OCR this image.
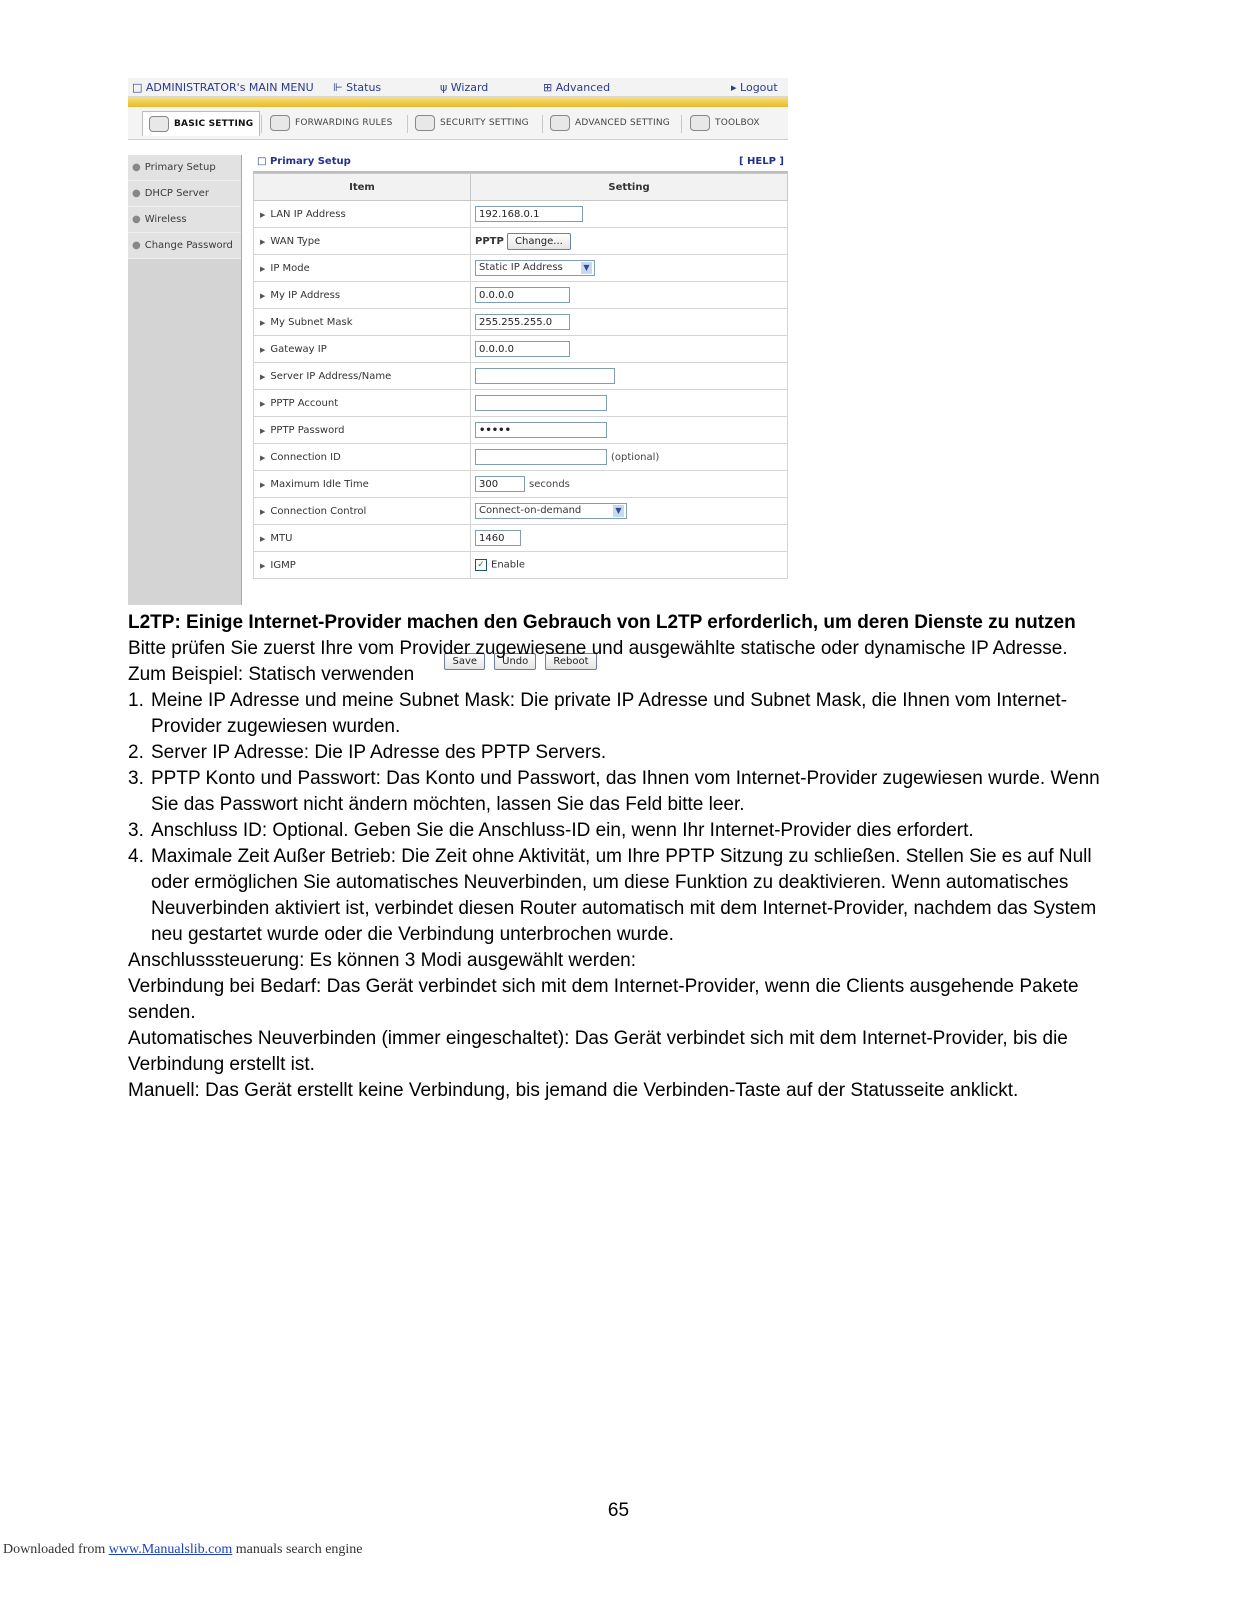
□ ADMINISTRATOR's MAIN MENU ⊩ Status	ψ Wizard	⊞ Advanced	▸ Logout
BASIC SETTING	FORWARDING RULES	SECURITY SETTING	ADVANCED SETTING	TOOLBOX
● Primary Setup
● DHCP Server
● Wireless
● Change Password
□ Primary Setup	[ HELP ]
Item	Setting
▶ LAN IP Address	192.168.0.1
▶ WAN Type	PPTP Change...
▶ IP Mode	Static IP Address ▼

▶ My IP Address	0.0.0.0
▶ My Subnet Mask	255.255.255.0
▶ Gateway IP	0.0.0.0
▶ Server IP Address/Name	
▶ PPTP Account	
▶ PPTP Password	•••••
▶ Connection ID	(optional)
▶ Maximum Idle Time	300 seconds
▶ Connection Control	Connect-on-demand ▼

▶ MTU	1460
▶ IGMP	✓ Enable
Save	Undo	Reboot

L2TP: Einige Internet-Provider machen den Gebrauch von L2TP erforderlich, um deren Dienste zu nutzen

Bitte prüfen Sie zuerst Ihre vom Provider zugewiesene und ausgewählte statische oder dynamische IP Adresse.

Zum Beispiel: Statisch verwenden

1. Meine IP Adresse und meine Subnet Mask: Die private IP Adresse und Subnet Mask, die Ihnen vom Internet-Provider zugewiesen wurden.
2. Server IP Adresse: Die IP Adresse des PPTP Servers.
3. PPTP Konto und Passwort: Das Konto und Passwort, das Ihnen vom Internet-Provider zugewiesen wurde. Wenn Sie das Passwort nicht ändern möchten, lassen Sie das Feld bitte leer.
3. Anschluss ID: Optional. Geben Sie die Anschluss-ID ein, wenn Ihr Internet-Provider dies erfordert.
4. Maximale Zeit Außer Betrieb: Die Zeit ohne Aktivität, um Ihre PPTP Sitzung zu schließen. Stellen Sie es auf Null oder ermöglichen Sie automatisches Neuverbinden, um diese Funktion zu deaktivieren. Wenn automatisches Neuverbinden aktiviert ist, verbindet diesen Router automatisch mit dem Internet-Provider, nachdem das System neu gestartet wurde oder die Verbindung unterbrochen wurde.

Anschlusssteuerung: Es können 3 Modi ausgewählt werden:

Verbindung bei Bedarf: Das Gerät verbindet sich mit dem Internet-Provider, wenn die Clients ausgehende Pakete senden.

Automatisches Neuverbinden (immer eingeschaltet): Das Gerät verbindet sich mit dem Internet-Provider, bis die Verbindung erstellt ist.

Manuell: Das Gerät erstellt keine Verbindung, bis jemand die Verbinden-Taste auf der Statusseite anklickt.

65
Downloaded from www.Manualslib.com manuals search engine
